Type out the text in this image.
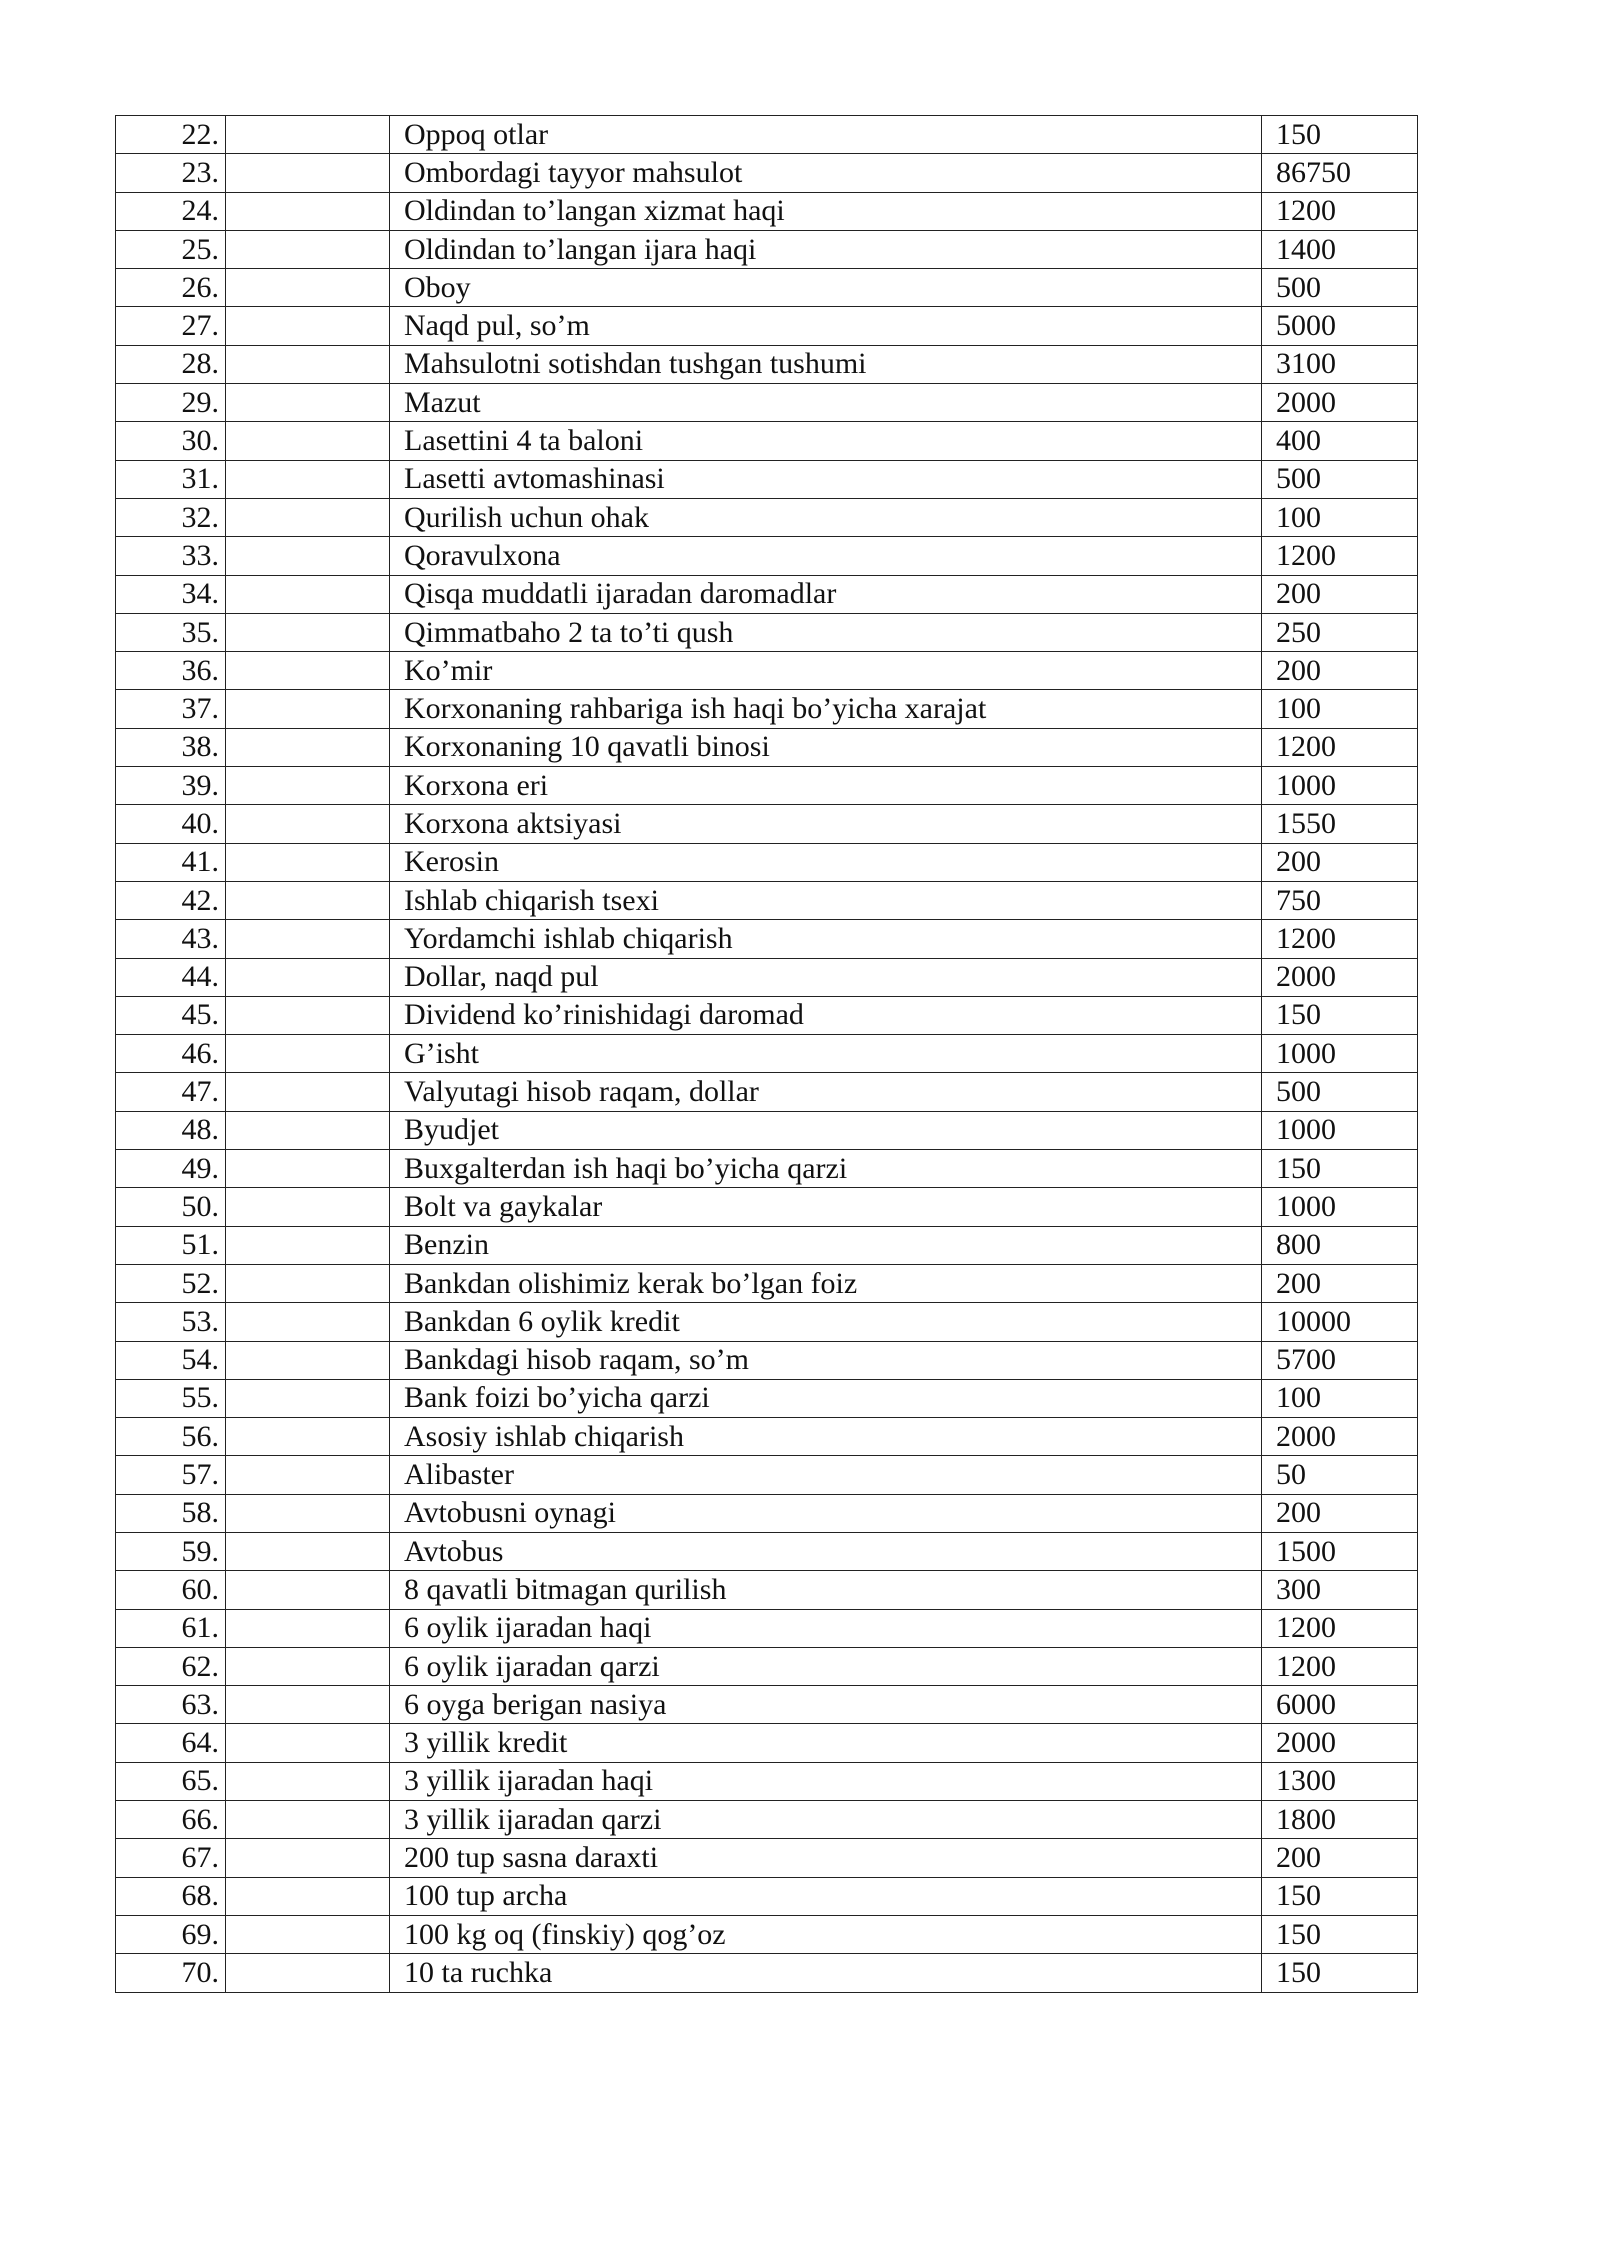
22.		Oppoq otlar	150
23.		Ombordagi tayyor mahsulot	86750
24.		Oldindan to’langan xizmat haqi	1200
25.		Oldindan to’langan ijara haqi	1400
26.		Oboy	500
27.		Naqd pul, so’m	5000
28.		Mahsulotni sotishdan tushgan tushumi	3100
29.		Mazut	2000
30.		Lasettini 4 ta baloni	400
31.		Lasetti avtomashinasi	500
32.		Qurilish uchun ohak	100
33.		Qoravulxona	1200
34.		Qisqa muddatli ijaradan daromadlar	200
35.		Qimmatbaho 2 ta to’ti qush	250
36.		Ko’mir	200
37.		Korxonaning rahbariga ish haqi bo’yicha xarajat	100
38.		Korxonaning 10 qavatli binosi	1200
39.		Korxona eri	1000
40.		Korxona aktsiyasi	1550
41.		Kerosin	200
42.		Ishlab chiqarish tsexi	750
43.		Yordamchi ishlab chiqarish	1200
44.		Dollar, naqd pul	2000
45.		Dividend ko’rinishidagi daromad	150
46.		G’isht	1000
47.		Valyutagi hisob raqam, dollar	500
48.		Byudjet	1000
49.		Buxgalterdan ish haqi bo’yicha qarzi	150
50.		Bolt va gaykalar	1000
51.		Benzin	800
52.		Bankdan olishimiz kerak bo’lgan foiz	200
53.		Bankdan 6 oylik kredit	10000
54.		Bankdagi hisob raqam, so’m	5700
55.		Bank foizi bo’yicha qarzi	100
56.		Asosiy ishlab chiqarish	2000
57.		Alibaster	50
58.		Avtobusni oynagi	200
59.		Avtobus	1500
60.		8 qavatli bitmagan qurilish	300
61.		6 oylik ijaradan haqi	1200
62.		6 oylik ijaradan qarzi	1200
63.		6 oyga berigan nasiya	6000
64.		3 yillik kredit	2000
65.		3 yillik ijaradan haqi	1300
66.		3 yillik ijaradan qarzi	1800
67.		200 tup sasna daraxti	200
68.		100 tup archa	150
69.		100 kg oq (finskiy) qog’oz	150
70.		10 ta ruchka	150
